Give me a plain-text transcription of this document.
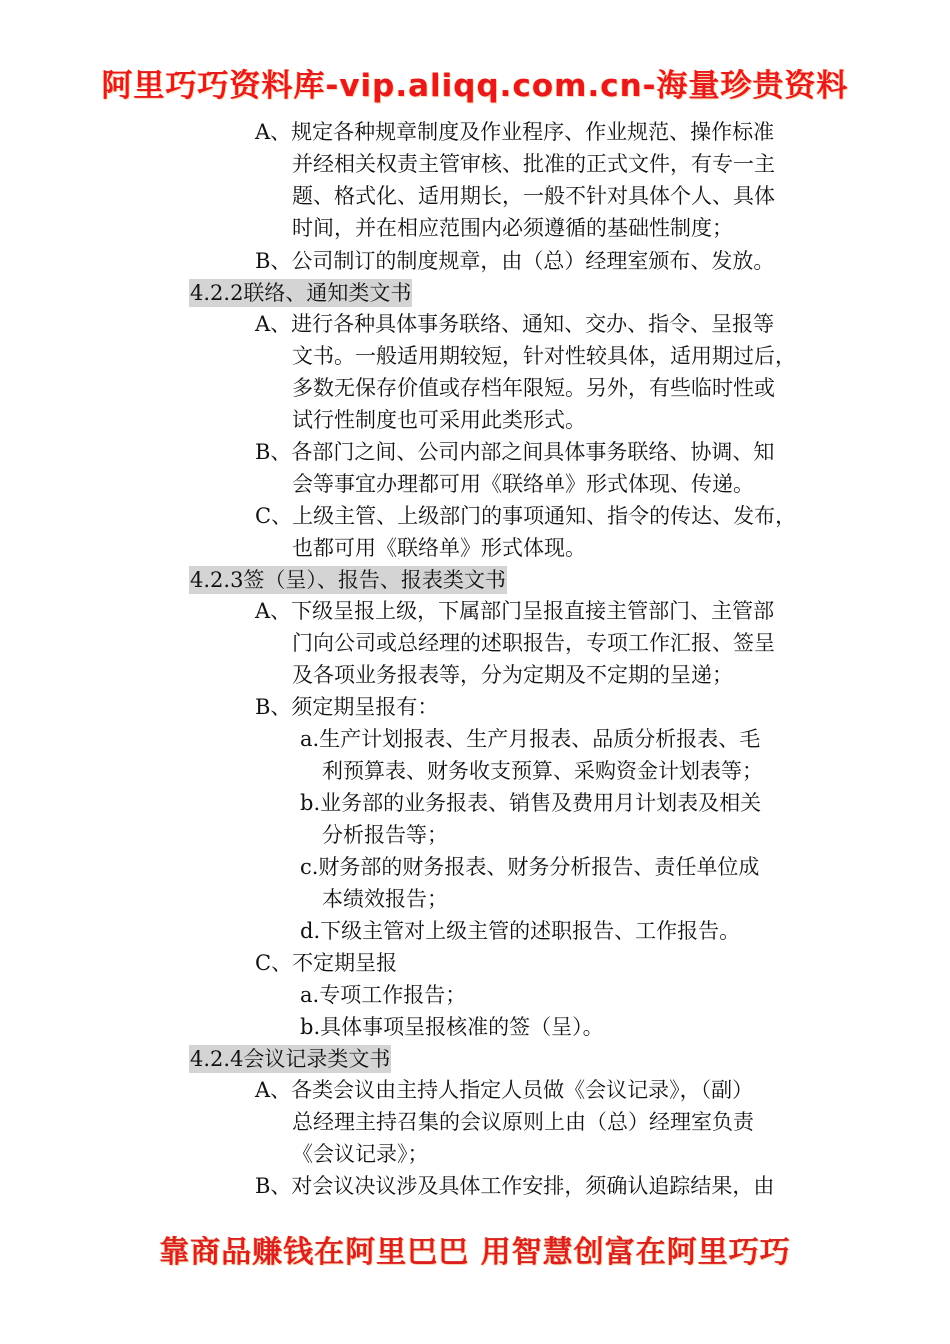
阿里巧巧资料库-vip.aliqq.com.cn-海量珍贵资料
A、规定各种规章制度及作业程序、作业规范、操作标准
并经相关权责主管审核、批准的正式文件，有专一主
题、格式化、适用期长，一般不针对具体个人、具体
时间，并在相应范围内必须遵循的基础性制度；
B、公司制订的制度规章，由（总）经理室颁布、发放。
4.2.2联络、通知类文书
A、进行各种具体事务联络、通知、交办、指令、呈报等
文书。一般适用期较短，针对性较具体，适用期过后，
多数无保存价值或存档年限短。另外，有些临时性或
试行性制度也可采用此类形式。
B、各部门之间、公司内部之间具体事务联络、协调、知
会等事宜办理都可用《联络单》形式体现、传递。
C、上级主管、上级部门的事项通知、指令的传达、发布，
也都可用《联络单》形式体现。
4.2.3签（呈）、报告、报表类文书
A、下级呈报上级，下属部门呈报直接主管部门、主管部
门向公司或总经理的述职报告，专项工作汇报、签呈
及各项业务报表等，分为定期及不定期的呈递；
B、须定期呈报有：
a.生产计划报表、生产月报表、品质分析报表、毛
利预算表、财务收支预算、采购资金计划表等；
b.业务部的业务报表、销售及费用月计划表及相关
分析报告等；
c.财务部的财务报表、财务分析报告、责任单位成
本绩效报告；
d.下级主管对上级主管的述职报告、工作报告。
C、不定期呈报
a.专项工作报告；
b.具体事项呈报核准的签（呈）。
4.2.4会议记录类文书
A、各类会议由主持人指定人员做《会议记录》，（副）
总经理主持召集的会议原则上由（总）经理室负责
《会议记录》；
B、对会议决议涉及具体工作安排，须确认追踪结果，由
靠商品赚钱在阿里巴巴 用智慧创富在阿里巧巧
